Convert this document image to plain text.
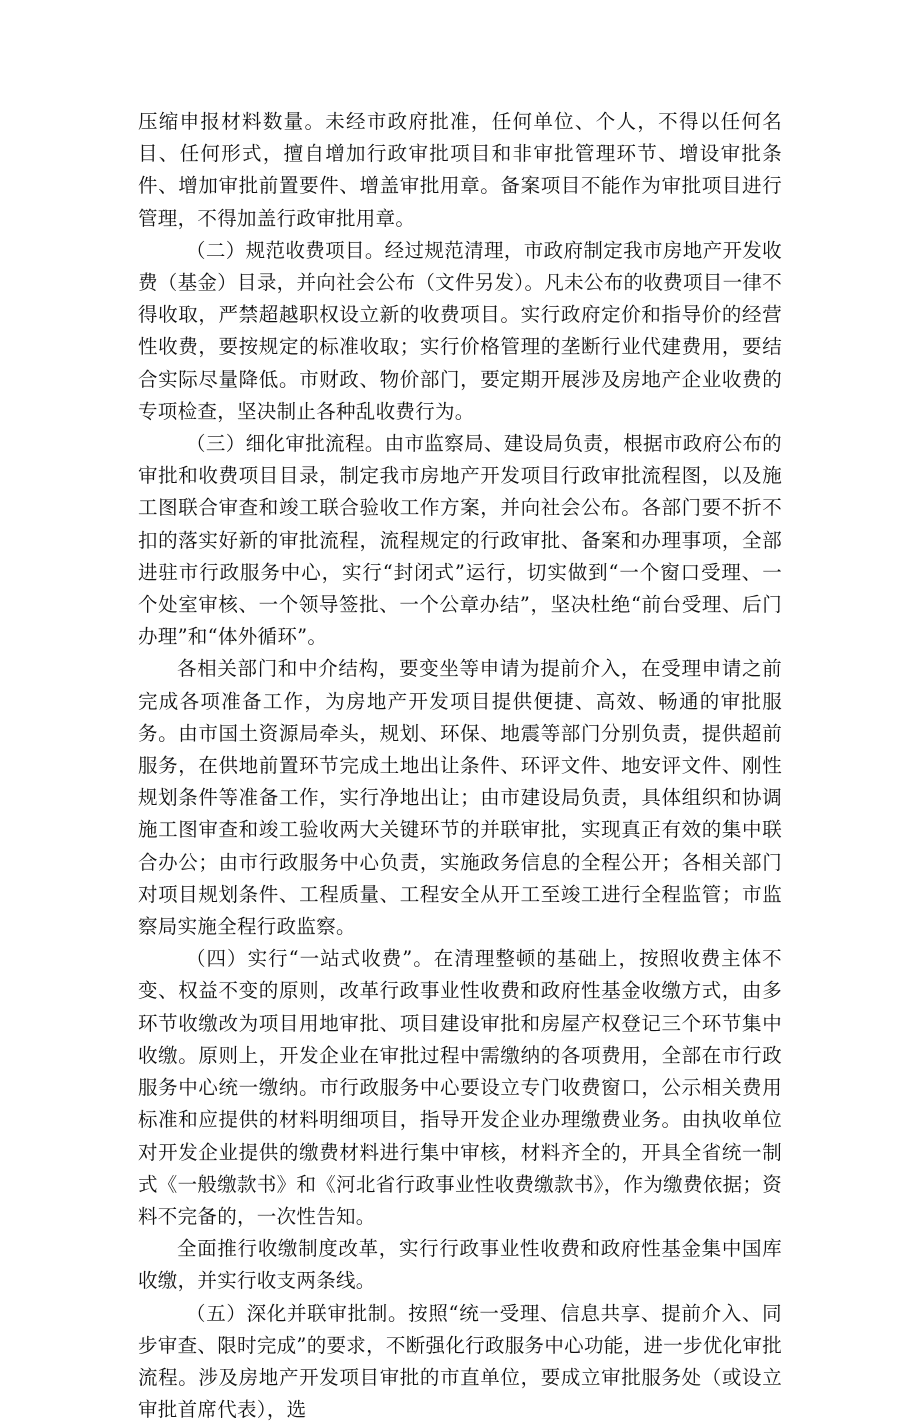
压缩申报材料数量。未经市政府批准，任何单位、个人，不得以任何名目、任何形式，擅自增加行政审批项目和非审批管理环节、增设审批条件、增加审批前置要件、增盖审批用章。备案项目不能作为审批项目进行管理，不得加盖行政审批用章。

（二）规范收费项目。经过规范清理，市政府制定我市房地产开发收费（基金）目录，并向社会公布（文件另发）。凡未公布的收费项目一律不得收取，严禁超越职权设立新的收费项目。实行政府定价和指导价的经营性收费，要按规定的标准收取；实行价格管理的垄断行业代建费用，要结合实际尽量降低。市财政、物价部门，要定期开展涉及房地产企业收费的专项检查，坚决制止各种乱收费行为。

（三）细化审批流程。由市监察局、建设局负责，根据市政府公布的审批和收费项目目录，制定我市房地产开发项目行政审批流程图，以及施工图联合审查和竣工联合验收工作方案，并向社会公布。各部门要不折不扣的落实好新的审批流程，流程规定的行政审批、备案和办理事项，全部进驻市行政服务中心，实行“封闭式”运行，切实做到“一个窗口受理、一个处室审核、一个领导签批、一个公章办结”，坚决杜绝“前台受理、后门办理”和“体外循环”。

各相关部门和中介结构，要变坐等申请为提前介入，在受理申请之前完成各项准备工作，为房地产开发项目提供便捷、高效、畅通的审批服务。由市国土资源局牵头，规划、环保、地震等部门分别负责，提供超前服务，在供地前置环节完成土地出让条件、环评文件、地安评文件、刚性规划条件等准备工作，实行净地出让；由市建设局负责，具体组织和协调施工图审查和竣工验收两大关键环节的并联审批，实现真正有效的集中联合办公；由市行政服务中心负责，实施政务信息的全程公开；各相关部门对项目规划条件、工程质量、工程安全从开工至竣工进行全程监管；市监察局实施全程行政监察。

（四）实行“一站式收费”。在清理整顿的基础上，按照收费主体不变、权益不变的原则，改革行政事业性收费和政府性基金收缴方式，由多环节收缴改为项目用地审批、项目建设审批和房屋产权登记三个环节集中收缴。原则上，开发企业在审批过程中需缴纳的各项费用，全部在市行政服务中心统一缴纳。市行政服务中心要设立专门收费窗口，公示相关费用标准和应提供的材料明细项目，指导开发企业办理缴费业务。由执收单位对开发企业提供的缴费材料进行集中审核，材料齐全的，开具全省统一制式《一般缴款书》和《河北省行政事业性收费缴款书》，作为缴费依据；资料不完备的，一次性告知。

全面推行收缴制度改革，实行行政事业性收费和政府性基金集中国库收缴，并实行收支两条线。

（五）深化并联审批制。按照“统一受理、信息共享、提前介入、同步审查、限时完成”的要求，不断强化行政服务中心功能，进一步优化审批流程。涉及房地产开发项目审批的市直单位，要成立审批服务处（或设立审批首席代表），选
